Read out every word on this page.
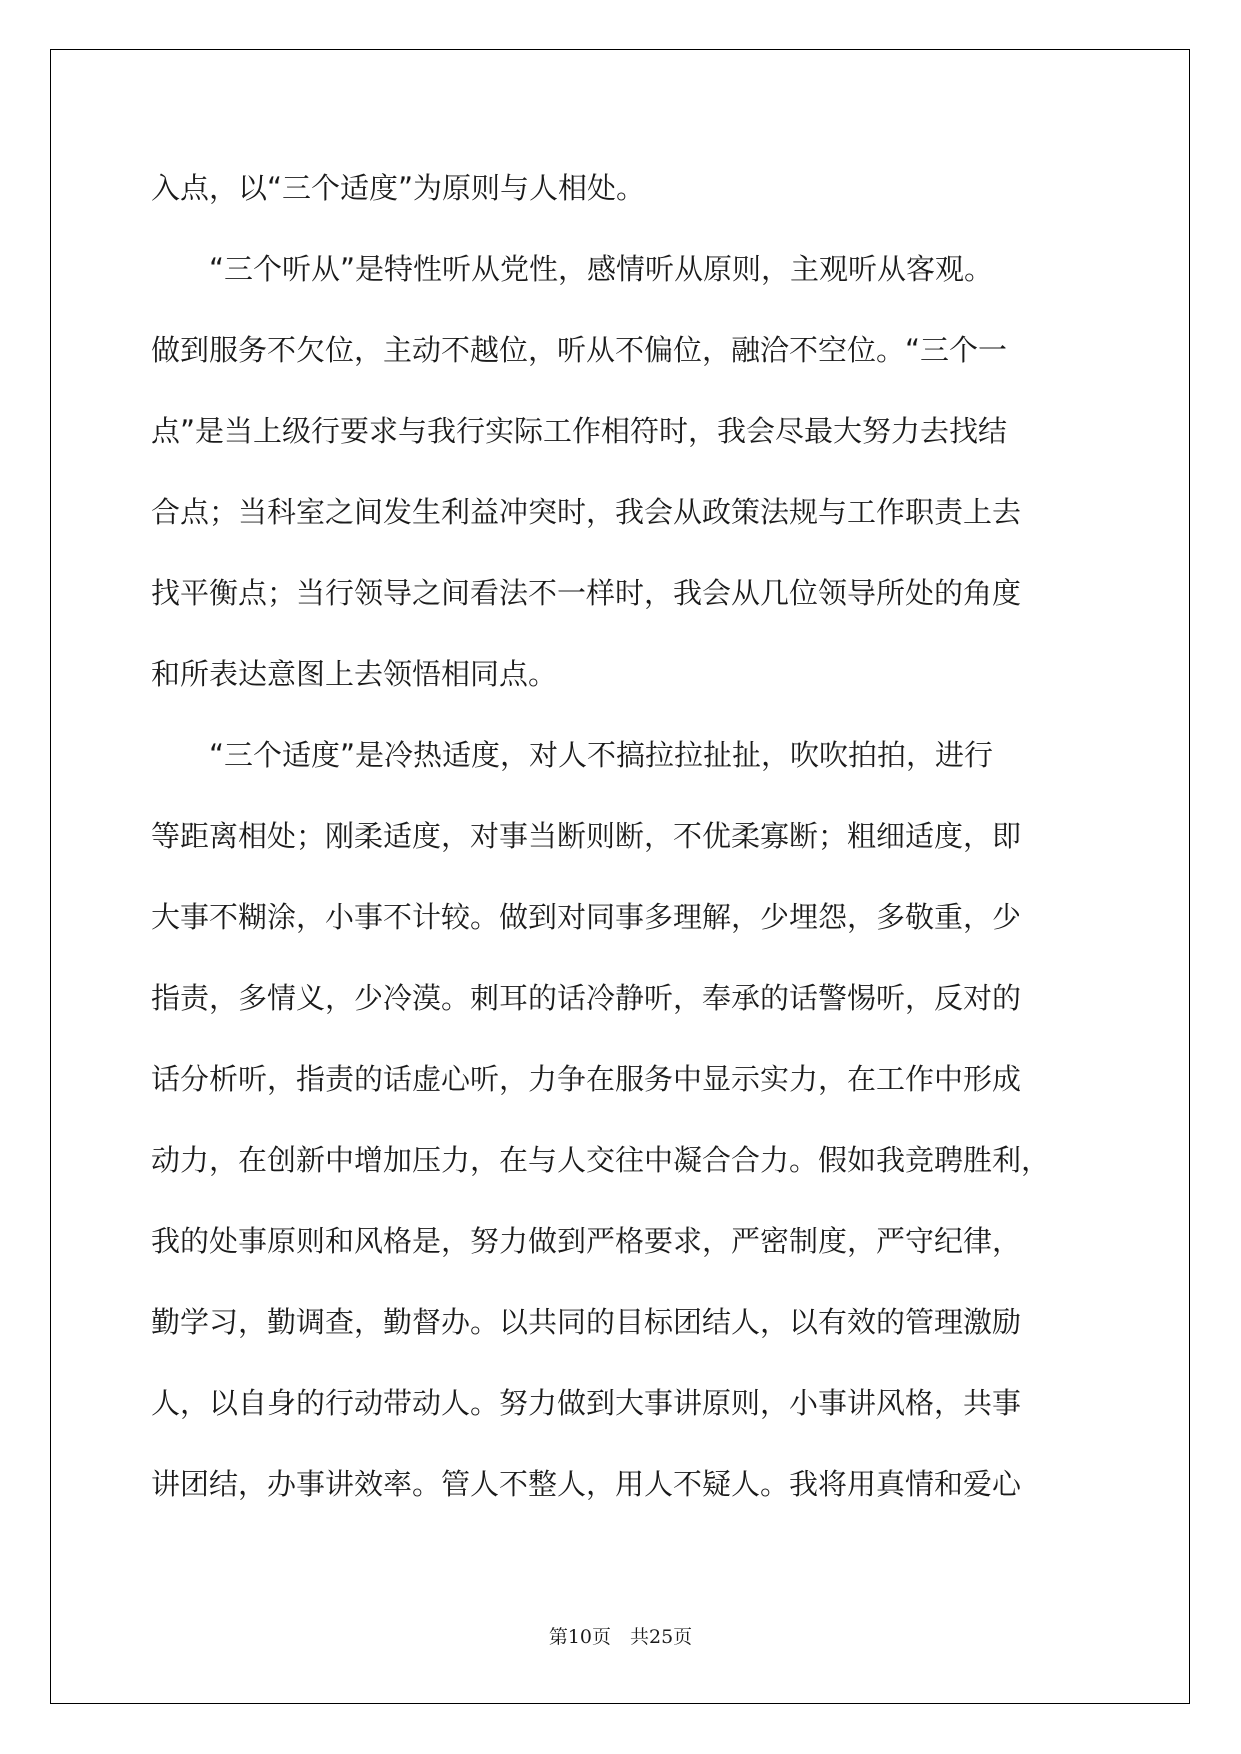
入点，以“三个适度”为原则与人相处。
“三个听从”是特性听从党性，感情听从原则，主观听从客观。
做到服务不欠位，主动不越位，听从不偏位，融洽不空位。“三个一
点”是当上级行要求与我行实际工作相符时，我会尽最大努力去找结
合点；当科室之间发生利益冲突时，我会从政策法规与工作职责上去
找平衡点；当行领导之间看法不一样时，我会从几位领导所处的角度
和所表达意图上去领悟相同点。
“三个适度”是冷热适度，对人不搞拉拉扯扯，吹吹拍拍，进行
等距离相处；刚柔适度，对事当断则断，不优柔寡断；粗细适度，即
大事不糊涂，小事不计较。做到对同事多理解，少埋怨，多敬重，少
指责，多情义，少冷漠。刺耳的话冷静听，奉承的话警惕听，反对的
话分析听，指责的话虚心听，力争在服务中显示实力，在工作中形成
动力，在创新中增加压力，在与人交往中凝合合力。假如我竞聘胜利，
我的处事原则和风格是，努力做到严格要求，严密制度，严守纪律，
勤学习，勤调查，勤督办。以共同的目标团结人，以有效的管理激励
人，以自身的行动带动人。努力做到大事讲原则，小事讲风格，共事
讲团结，办事讲效率。管人不整人，用人不疑人。我将用真情和爱心
第10页　共25页
